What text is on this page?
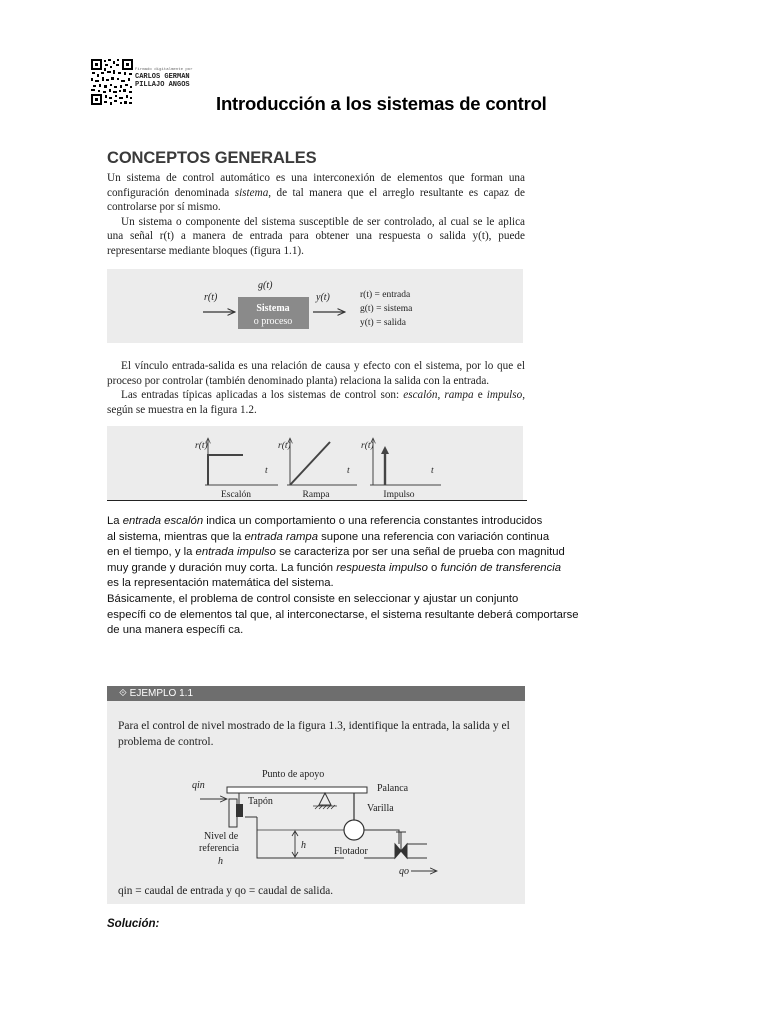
Firmado digitalmente por
CARLOS GERMAN
PILLAJO ANGOS
Introducción a los sistemas de control
CONCEPTOS GENERALES
Un sistema de control automático es una interconexión de elementos que forman una configuración denominada sistema, de tal manera que el arreglo resultante es capaz de controlarse por sí mismo.
Un sistema o componente del sistema susceptible de ser controlado, al cual se le aplica una señal r(t) a manera de entrada para obtener una respuesta o salida y(t), puede representarse mediante bloques (figura 1.1).
r(t)
g(t)
Sistema
o proceso
y(t)	r(t) = entrada
g(t) = sistema
y(t) = salida
El vínculo entrada-salida es una relación de causa y efecto con el sistema, por lo que el proceso por controlar (también denominado planta) relaciona la salida con la entrada.
Las entradas típicas aplicadas a los sistemas de control son: escalón, rampa e impulso, según se muestra en la figura 1.2.
r(t)
t
Escalón
r(t)
t
Rampa
r(t)
t
Impulso

La entrada escalón indica un comportamiento o una referencia constantes introducidos

al sistema, mientras que la entrada rampa supone una referencia con variación continua

en el tiempo, y la entrada impulso se caracteriza por ser una señal de prueba con magnitud

muy grande y duración muy corta. La función respuesta impulso o función de transferencia

es la representación matemática del sistema.

Básicamente, el problema de control consiste en seleccionar y ajustar un conjunto

específi co de elementos tal que, al interconectarse, el sistema resultante deberá comportarse

de una manera específi ca.

⟐ EJEMPLO 1.1
Para el control de nivel mostrado de la figura 1.3, identifique la entrada, la salida y el problema de control.
Punto de apoyo
qin	Palanca
Tapón
Varilla
h
Flotador
qo
Nivel de
referencia
h
qin = caudal de entrada y qo = caudal de salida.
Solución:
